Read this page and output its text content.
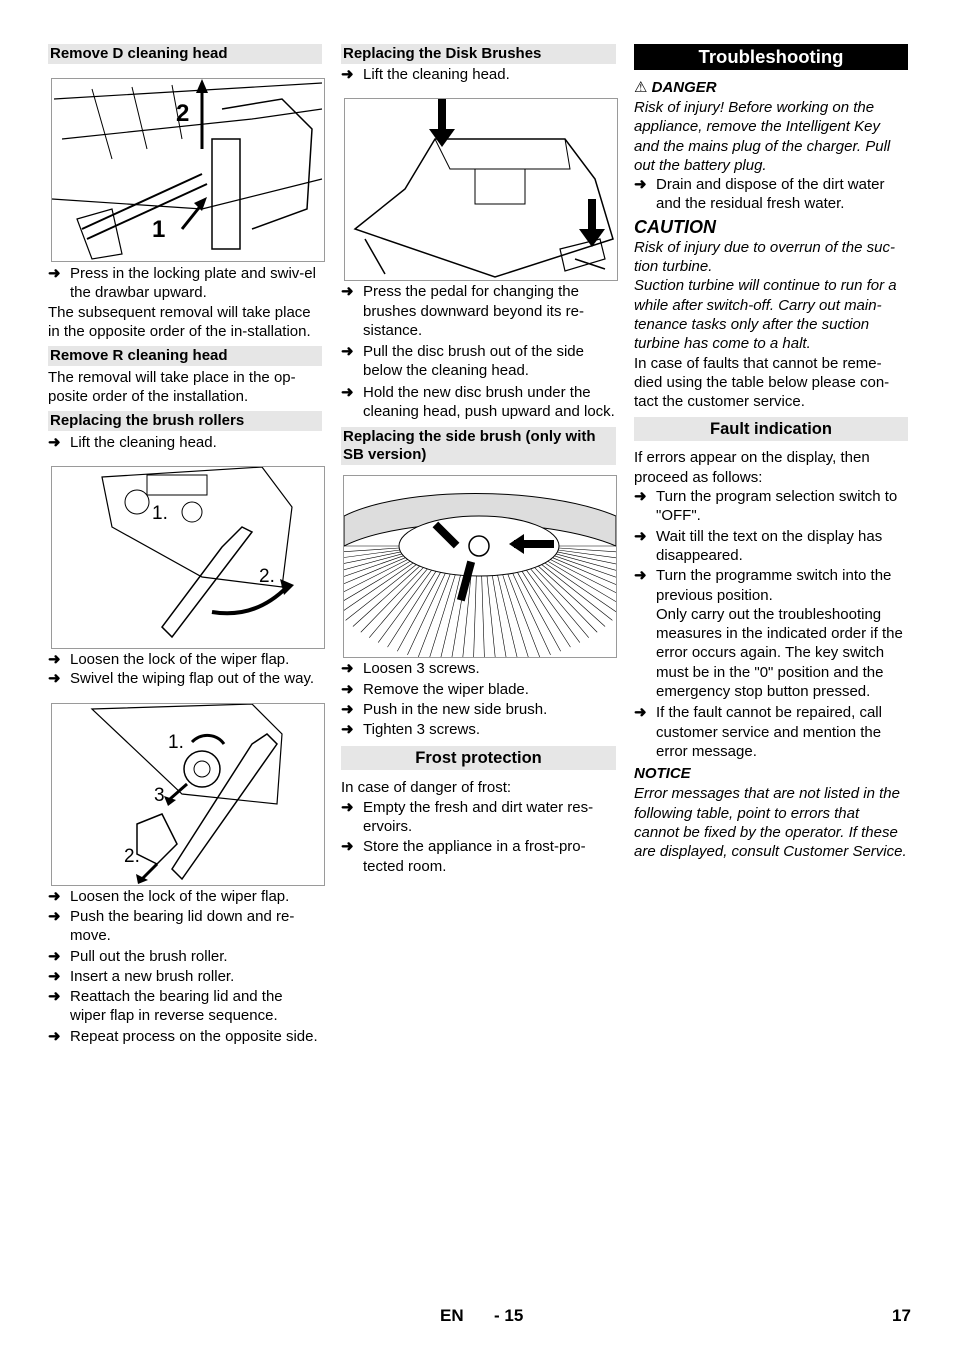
Remove D cleaning head
2
1
➜ Press in the locking plate and swiv-el the drawbar upward.

The subsequent removal will take place in the opposite order of the in-stallation.

Remove R cleaning head

The removal will take place in the op-posite order of the installation.

Replacing the brush rollers
➜ Lift the cleaning head.
1.
2.
➜ Loosen the lock of the wiper flap.
➜ Swivel the wiping flap out of the way.
1.
3.
2.
➜ Loosen the lock of the wiper flap.
➜ Push the bearing lid down and re-move.
➜ Pull out the brush roller.
➜ Insert a new brush roller.
➜ Reattach the bearing lid and the wiper flap in reverse sequence.
➜ Repeat process on the opposite side.
Replacing the Disk Brushes
➜ Lift the cleaning head.
➜ Press the pedal for changing the brushes downward beyond its re-sistance.
➜ Pull the disc brush out of the side below the cleaning head.
➜ Hold the new disc brush under the cleaning head, push upward and lock.
Replacing the side brush (only with SB version)
➜ Loosen 3 screws.
➜ Remove the wiper blade.
➜ Push in the new side brush.
➜ Tighten 3 screws.
Frost protection

In case of danger of frost:

➜ Empty the fresh and dirt water res-ervoirs.
➜ Store the appliance in a frost-pro-tected room.
Troubleshooting
⚠ DANGER

Risk of injury! Before working on the appliance, remove the Intelligent Key and the mains plug of the charger. Pull out the battery plug.

➜ Drain and dispose of the dirt water and the residual fresh water.
CAUTION

Risk of injury due to overrun of the suc-tion turbine.

Suction turbine will continue to run for a while after switch-off. Carry out main-tenance tasks only after the suction turbine has come to a halt.

In case of faults that cannot be reme-died using the table below please con-tact the customer service.

Fault indication

If errors appear on the display, then proceed as follows:

➜ Turn the program selection switch to "OFF".
➜ Wait till the text on the display has disappeared.
➜ Turn the programme switch into the previous position.

Only carry out the troubleshooting measures in the indicated order if the error occurs again. The key switch must be in the "0" position and the emergency stop button pressed.

➜ If the fault cannot be repaired, call customer service and mention the error message.
NOTICE

Error messages that are not listed in the following table, point to errors that cannot be fixed by the operator. If these are displayed, consult Customer Service.

EN - 15	17
